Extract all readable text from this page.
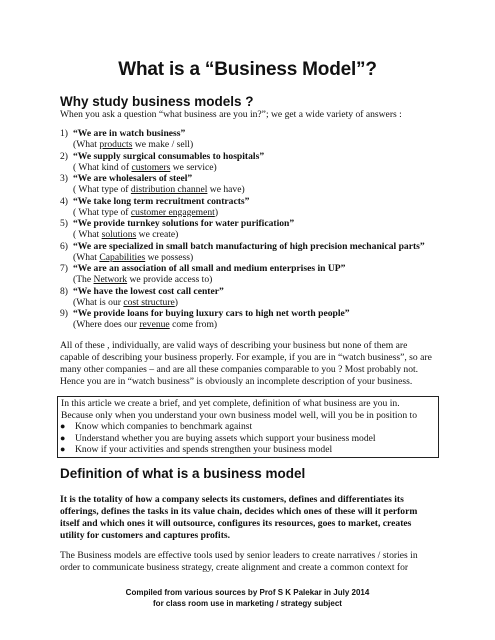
What is a “Business Model”?
Why study business models ?
When you ask a question “what business are you in?”; we get a wide variety of answers :
1) “We are in watch business”
(What products we make / sell)
2) “We supply surgical consumables to hospitals”
( What kind of customers we service)
3) “We are wholesalers of steel”
( What type of distribution channel we have)
4) “We take long term recruitment contracts”
( What type of customer engagement)
5) “We provide turnkey solutions for water purification”
( What solutions we create)
6) “We are specialized in small batch manufacturing of high precision mechanical parts”
(What Capabilities we possess)
7) “We are an association of all small and medium enterprises in UP”
(The Network we provide access to)
8) “We have the lowest cost call center”
(What is our cost structure)
9) “We provide loans for buying luxury cars to high net worth people”
(Where does our revenue come from)
All of these , individually, are valid ways of describing your business but none of them are
capable of describing your business properly. For example, if you are in “watch business”, so are
many other companies – and are all these companies comparable to you ? Most probably not.
Hence you are in “watch business” is obviously an incomplete description of your business.
In this article we create a brief, and yet complete, definition of what business are you in.
Because only when you understand your own business model well, will you be in position to
● Know which companies to benchmark against
● Understand whether you are buying assets which support your business model
● Know if your activities and spends strengthen your business model
Definition of what is a business model
It is the totality of how a company selects its customers, defines and differentiates its
offerings, defines the tasks in its value chain, decides which ones of these will it perform
itself and which ones it will outsource, configures its resources, goes to market, creates
utility for customers and captures profits.
The Business models are effective tools used by senior leaders to create narratives / stories in
order to communicate business strategy, create alignment and create a common context for
Compiled from various sources by Prof S K Palekar in July 2014
for class room use in marketing / strategy subject
